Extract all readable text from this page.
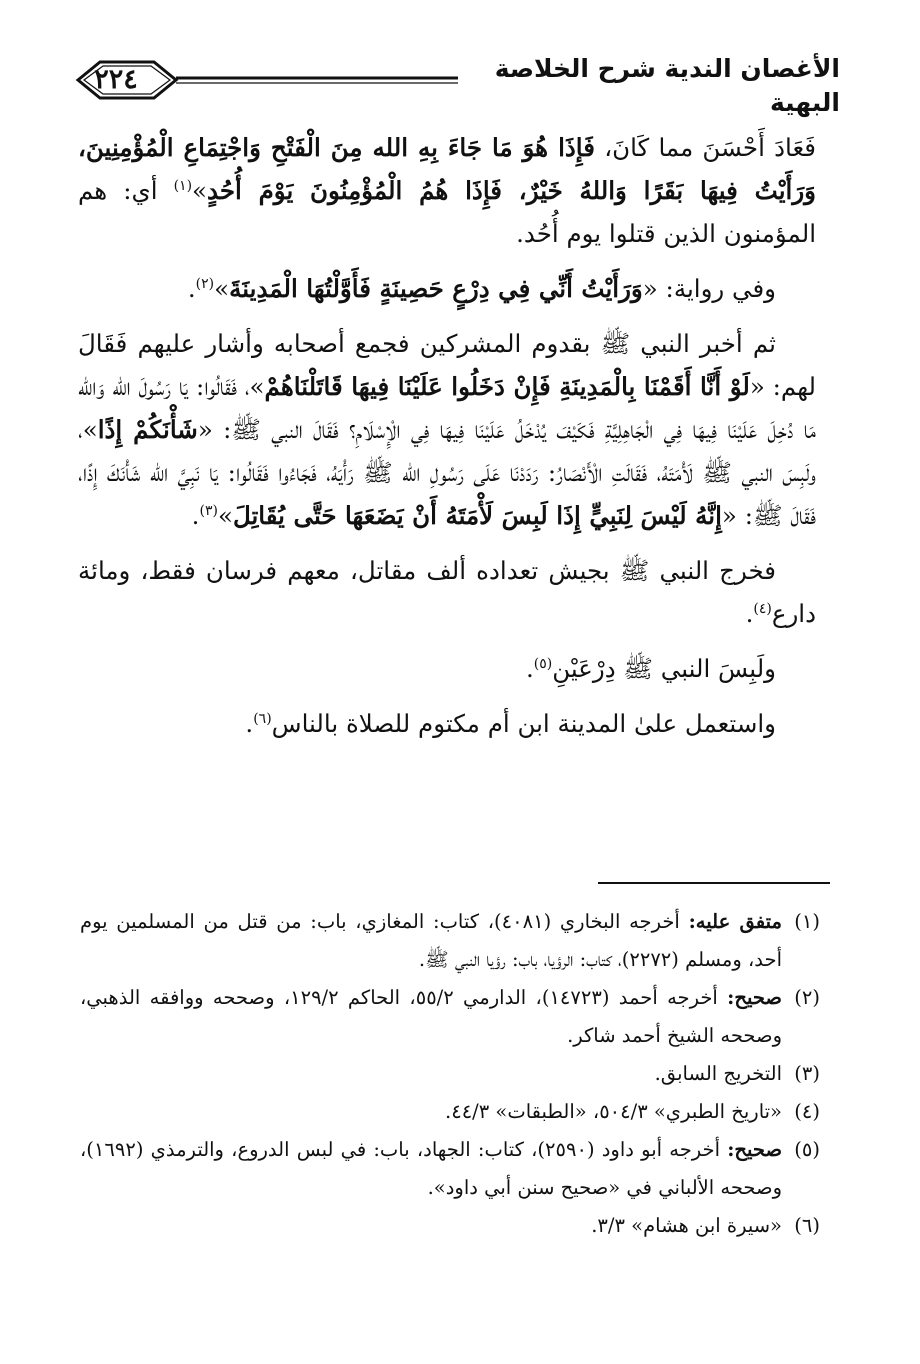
٢٢٤	الأغصان الندية شرح الخلاصة البهية

فَعَادَ أَحْسَنَ مما كَانَ، فَإِذَا هُوَ مَا جَاءَ بِهِ الله مِنَ الْفَتْحِ وَاجْتِمَاعِ الْمُؤْمِنِينَ، وَرَأَيْتُ فِيهَا بَقَرًا وَاللهُ خَيْرٌ، فَإِذَا هُمُ الْمُؤْمِنُونَ يَوْمَ أُحُدٍ»$^{(١)}$ أي: هم المؤمنون الذين قتلوا يوم أُحُد.

وفي رواية: «وَرَأَيْتُ أَنِّي فِي دِرْعٍ حَصِينَةٍ فَأَوَّلْتُهَا الْمَدِينَةَ»$^{(٢)}$.

ثم أخبر النبي ﷺ بقدوم المشركين فجمع أصحابه وأشار عليهم فَقَالَ لهم: «لَوْ أَنَّا أَقَمْنَا بِالْمَدِينَةِ فَإِنْ دَخَلُوا عَلَيْنَا فِيهَا قَاتَلْنَاهُمْ»، فَقَالُوا: يَا رَسُولَ الله وَالله مَا دُخِلَ عَلَيْنَا فِيهَا فِي الْجَاهِلِيَّةِ فَكَيْفَ يُدْخَلُ عَلَيْنَا فِيهَا فِي الْإِسْلَامِ؟ فَقَالَ النبي ﷺ: «شَأْنَكُمْ إِذًا»، ولَبِسَ النبي ﷺ لَأْمَتَهُ، فَقَالَتِ الْأَنْصَارُ: رَدَدْنَا عَلَى رَسُولِ الله ﷺ رَأْيَهُ، فَجَاءُوا فَقَالُوا: يَا نَبِيَّ الله شَأْنَكَ إِذًا، فَقَالَ ﷺ: «إِنَّهُ لَيْسَ لِنَبِيٍّ إِذَا لَبِسَ لَأْمَتَهُ أَنْ يَضَعَهَا حَتَّى يُقَاتِلَ»$^{(٣)}$.

فخرج النبي ﷺ بجيش تعداده ألف مقاتل، معهم فرسان فقط، ومائة دارع$^{(٤)}$.

ولَبِسَ النبي ﷺ دِرْعَيْنِ$^{(٥)}$.

واستعمل علىٰ المدينة ابن أم مكتوم للصلاة بالناس$^{(٦)}$.

(١)
متفق عليه: أخرجه البخاري (٤٠٨١)، كتاب: المغازي، باب: من قتل من المسلمين يوم أحد، ومسلم (٢٢٧٢)، كتاب: الرؤيا، باب: رؤيا النبي ﷺ.
(٢)
صحيح: أخرجه أحمد (١٤٧٢٣)، الدارمي ٥٥/٢، الحاكم ١٢٩/٢، وصححه ووافقه الذهبي، وصححه الشيخ أحمد شاكر.
(٣)
التخريج السابق.
(٤)
«تاريخ الطبري» ٥٠٤/٣، «الطبقات» ٤٤/٣.
(٥)
صحيح: أخرجه أبو داود (٢٥٩٠)، كتاب: الجهاد، باب: في لبس الدروع، والترمذي (١٦٩٢)، وصححه الألباني في «صحيح سنن أبي داود».
(٦)
«سيرة ابن هشام» ٣/٣.
